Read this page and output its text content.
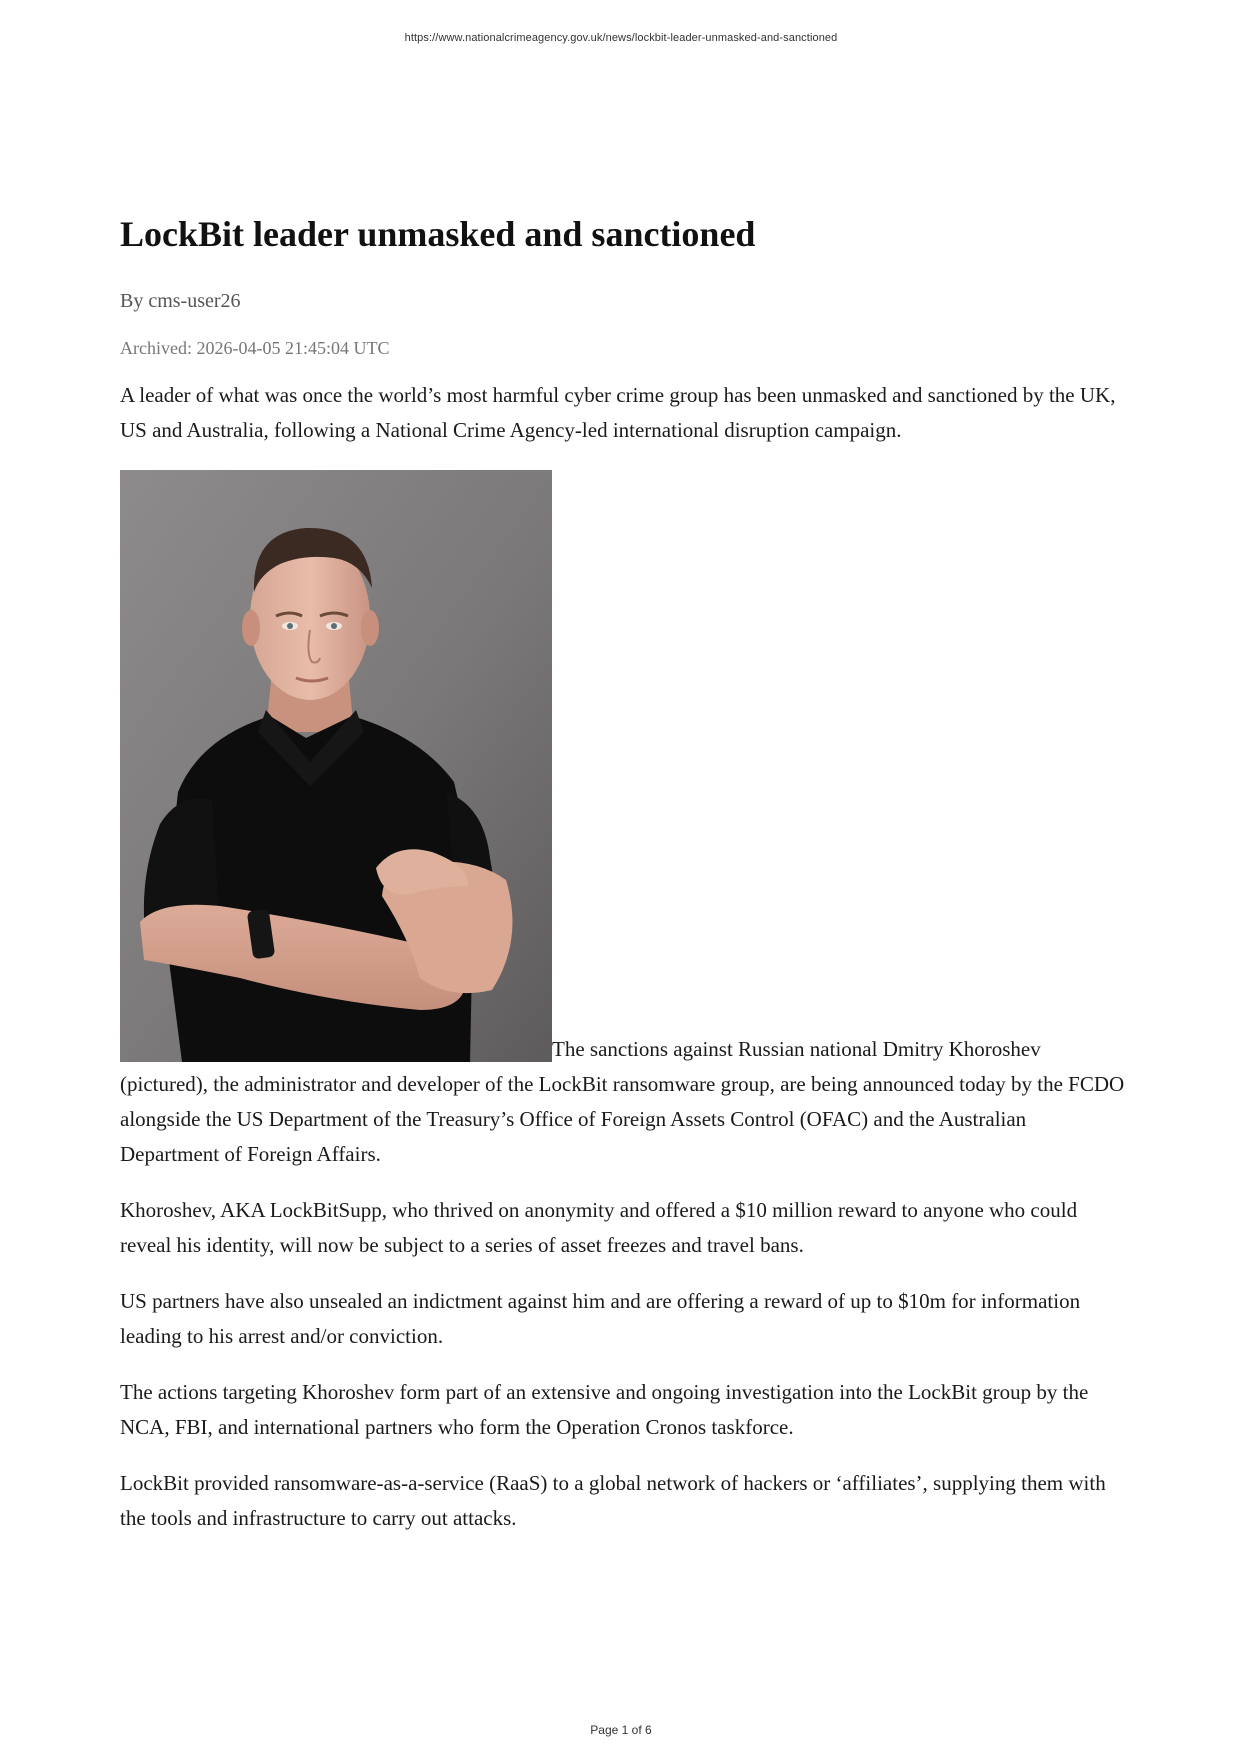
https://www.nationalcrimeagency.gov.uk/news/lockbit-leader-unmasked-and-sanctioned
LockBit leader unmasked and sanctioned
By cms-user26
Archived: 2026-04-05 21:45:04 UTC

A leader of what was once the world’s most harmful cyber crime group has been unmasked and sanctioned by the UK, US and Australia, following a National Crime Agency-led international disruption campaign.

The sanctions against Russian national Dmitry Khoroshev (pictured), the administrator and developer of the LockBit ransomware group, are being announced today by the FCDO alongside the US Department of the Treasury’s Office of Foreign Assets Control (OFAC) and the Australian Department of Foreign Affairs.

Khoroshev, AKA LockBitSupp, who thrived on anonymity and offered a $10 million reward to anyone who could reveal his identity, will now be subject to a series of asset freezes and travel bans.

US partners have also unsealed an indictment against him and are offering a reward of up to $10m for information leading to his arrest and/or conviction.

The actions targeting Khoroshev form part of an extensive and ongoing investigation into the LockBit group by the NCA, FBI, and international partners who form the Operation Cronos taskforce.

LockBit provided ransomware-as-a-service (RaaS) to a global network of hackers or ‘affiliates’, supplying them with the tools and infrastructure to carry out attacks.

Page 1 of 6
